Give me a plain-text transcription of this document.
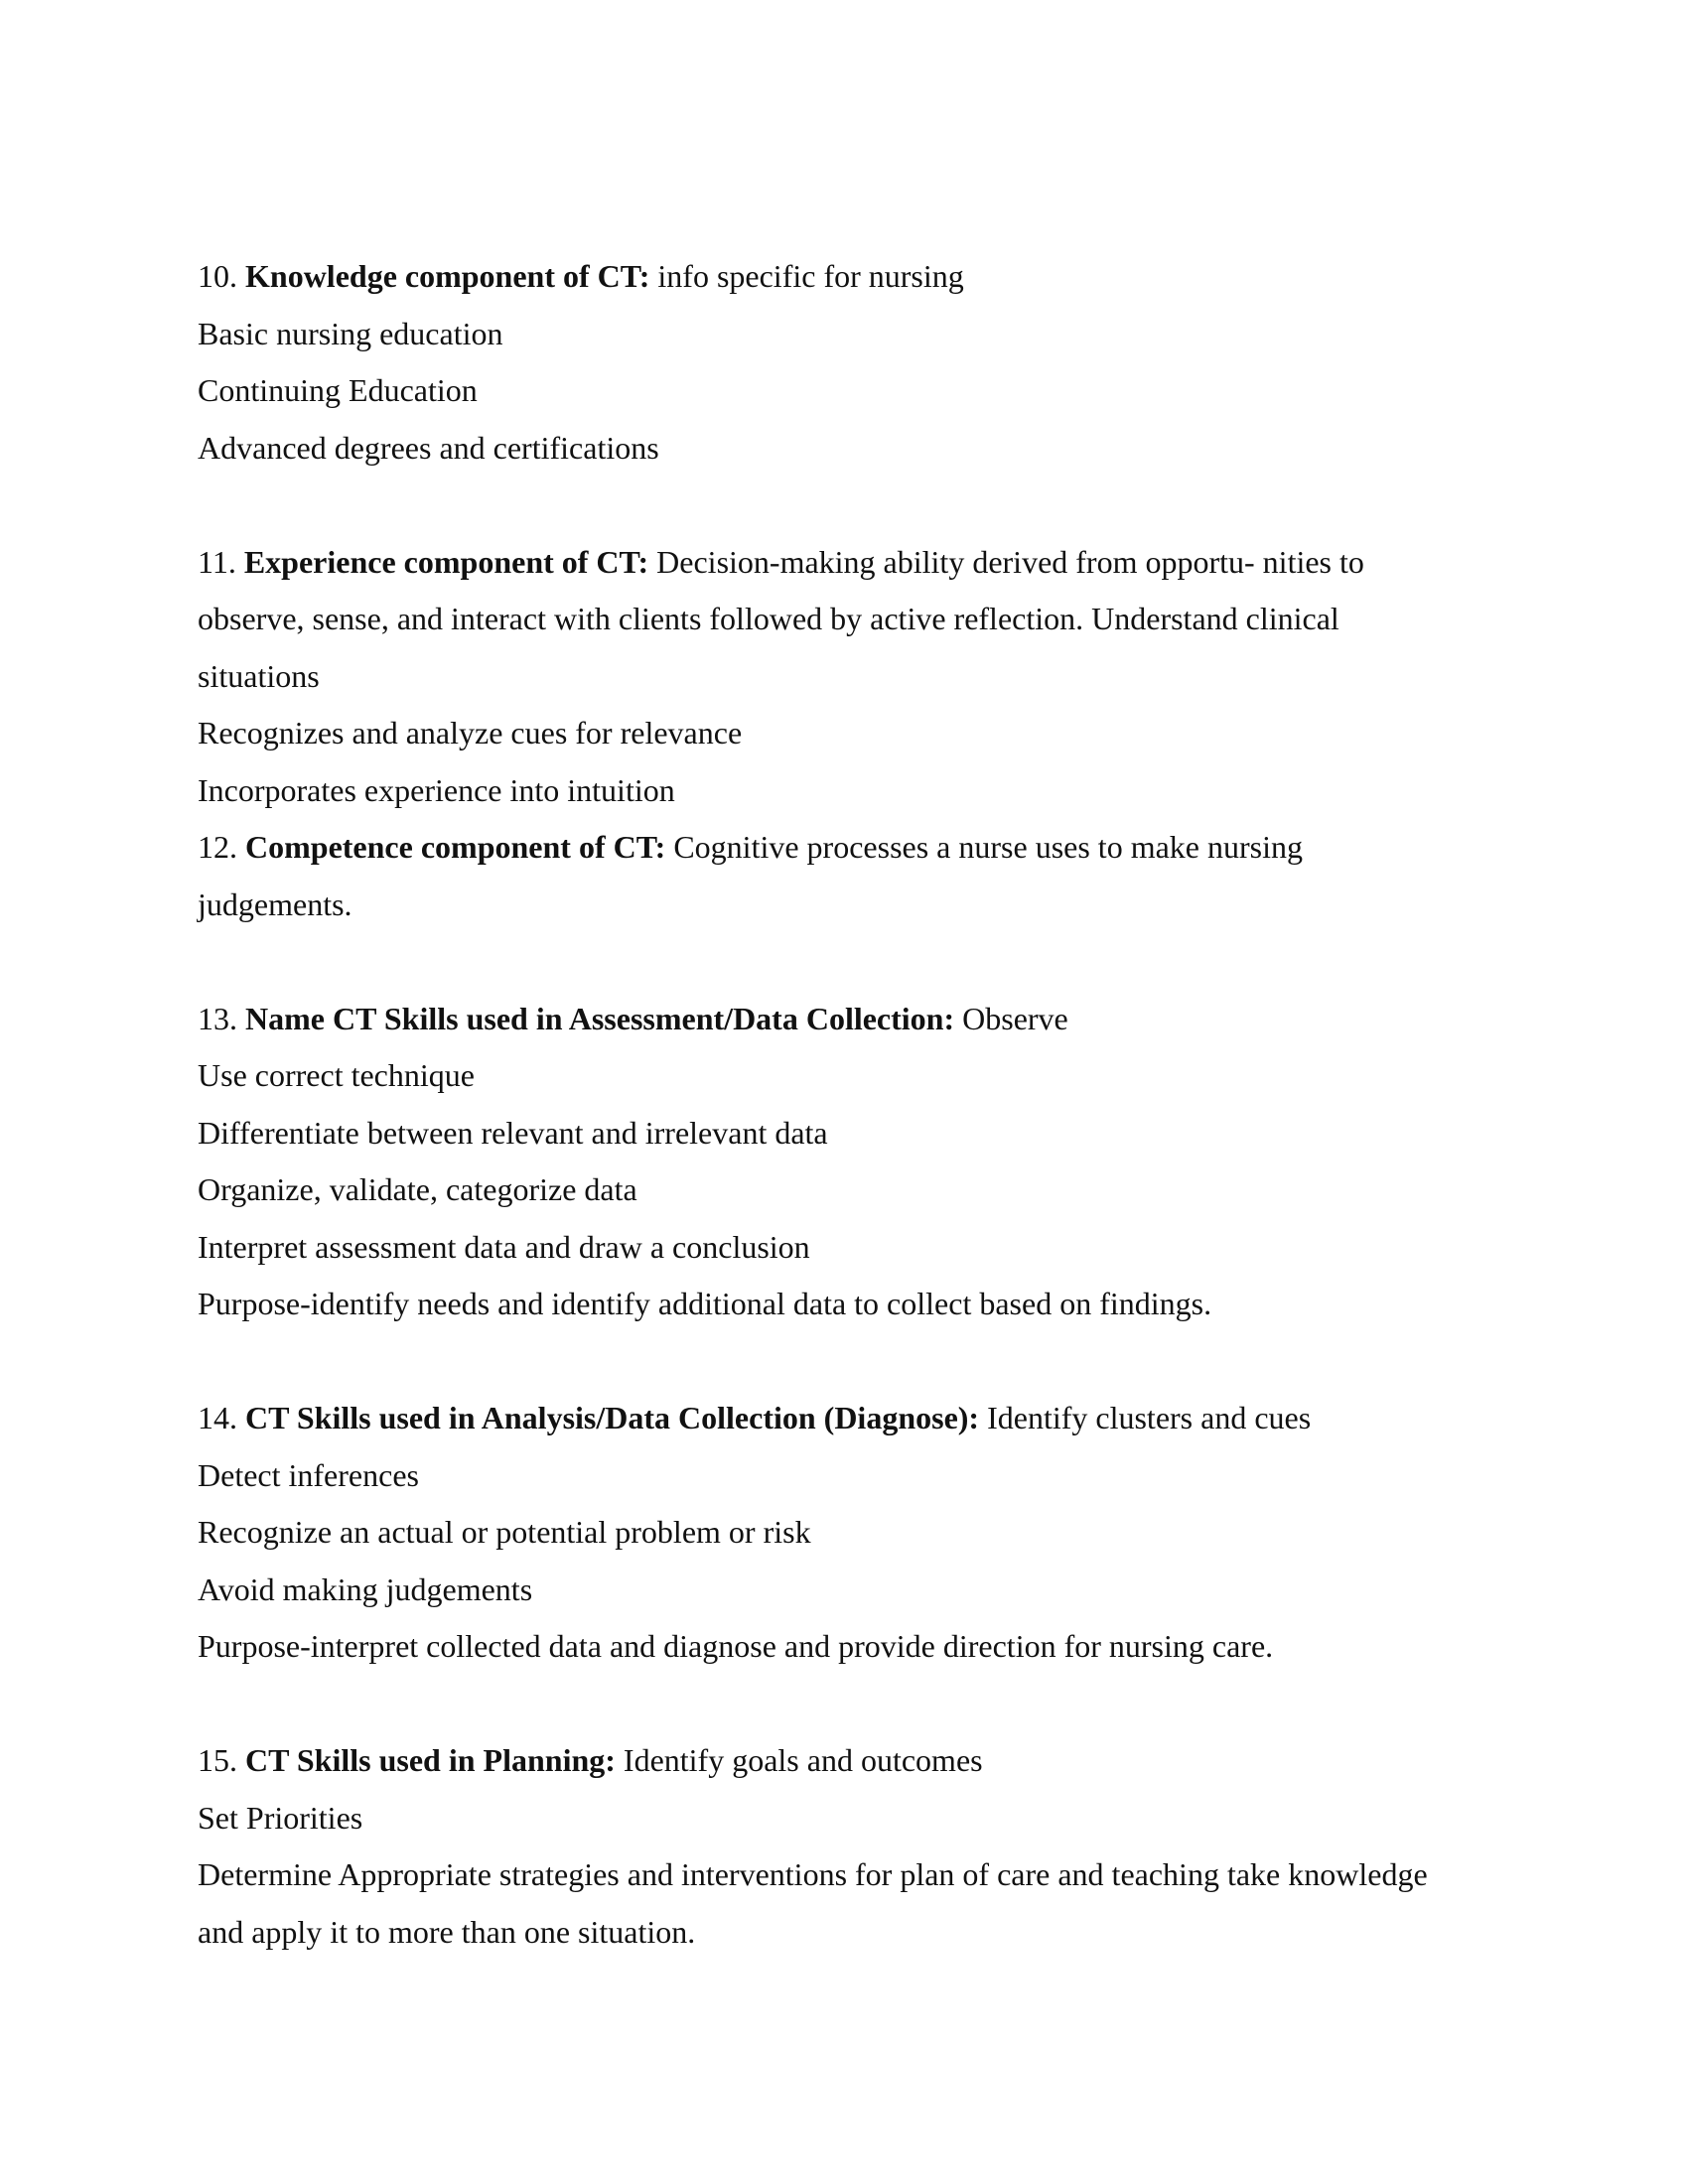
10. Knowledge component of CT: info specific for nursing
Basic nursing education
Continuing Education
Advanced degrees and certifications
11. Experience component of CT: Decision-making ability derived from opportu- nities to
observe, sense, and interact with clients followed by active reflection. Understand clinical
situations
Recognizes and analyze cues for relevance
Incorporates experience into intuition
12. Competence component of CT: Cognitive processes a nurse uses to make nursing
judgements.
13. Name CT Skills used in Assessment/Data Collection: Observe
Use correct technique
Differentiate between relevant and irrelevant data
Organize, validate, categorize data
Interpret assessment data and draw a conclusion
Purpose-identify needs and identify additional data to collect based on findings.
14. CT Skills used in Analysis/Data Collection (Diagnose): Identify clusters and cues
Detect inferences
Recognize an actual or potential problem or risk
Avoid making judgements
Purpose-interpret collected data and diagnose and provide direction for nursing care.
15. CT Skills used in Planning: Identify goals and outcomes
Set Priorities
Determine Appropriate strategies and interventions for plan of care and teaching take knowledge
and apply it to more than one situation.
